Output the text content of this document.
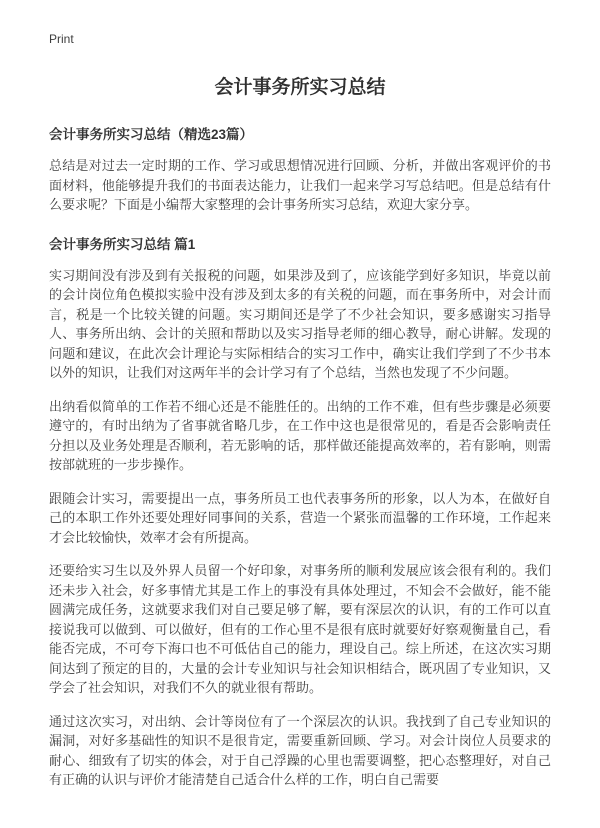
Print
会计事务所实习总结
会计事务所实习总结（精选23篇）

总结是对过去一定时期的工作、学习或思想情况进行回顾、分析，并做出客观评价的书面材料，他能够提升我们的书面表达能力，让我们一起来学习写总结吧。但是总结有什么要求呢？下面是小编帮大家整理的会计事务所实习总结，欢迎大家分享。

会计事务所实习总结 篇1

实习期间没有涉及到有关报税的问题，如果涉及到了，应该能学到好多知识，毕竟以前的会计岗位角色模拟实验中没有涉及到太多的有关税的问题，而在事务所中，对会计而言，税是一个比较关键的问题。实习期间还是学了不少社会知识，要多感谢实习指导人、事务所出纳、会计的关照和帮助以及实习指导老师的细心教导，耐心讲解。发现的问题和建议，在此次会计理论与实际相结合的实习工作中，确实让我们学到了不少书本以外的知识，让我们对这两年半的会计学习有了个总结，当然也发现了不少问题。

出纳看似简单的工作若不细心还是不能胜任的。出纳的工作不难，但有些步骤是必须要遵守的，有时出纳为了省事就省略几步，在工作中这也是很常见的，看是否会影响责任分担以及业务处理是否顺利，若无影响的话，那样做还能提高效率的，若有影响，则需按部就班的一步步操作。

跟随会计实习，需要提出一点，事务所员工也代表事务所的形象，以人为本，在做好自己的本职工作外还要处理好同事间的关系，营造一个紧张而温馨的工作环境，工作起来才会比较愉快，效率才会有所提高。

还要给实习生以及外界人员留一个好印象，对事务所的顺利发展应该会很有利的。我们还未步入社会，好多事情尤其是工作上的事没有具体处理过，不知会不会做好，能不能圆满完成任务，这就要求我们对自己要足够了解，要有深层次的认识，有的工作可以直接说我可以做到、可以做好，但有的工作心里不是很有底时就要好好察观衡量自己，看能否完成，不可夸下海口也不可低估自己的能力，理设自己。综上所述，在这次实习期间达到了预定的目的，大量的会计专业知识与社会知识相结合，既巩固了专业知识，又学会了社会知识，对我们不久的就业很有帮助。

通过这次实习，对出纳、会计等岗位有了一个深层次的认识。我找到了自己专业知识的漏洞，对好多基础性的知识不是很肯定，需要重新回顾、学习。对会计岗位人员要求的耐心、细致有了切实的体会，对于自己浮躁的心里也需要调整，把心态整理好，对自己有正确的认识与评价才能清楚自己适合什么样的工作，明白自己需要
